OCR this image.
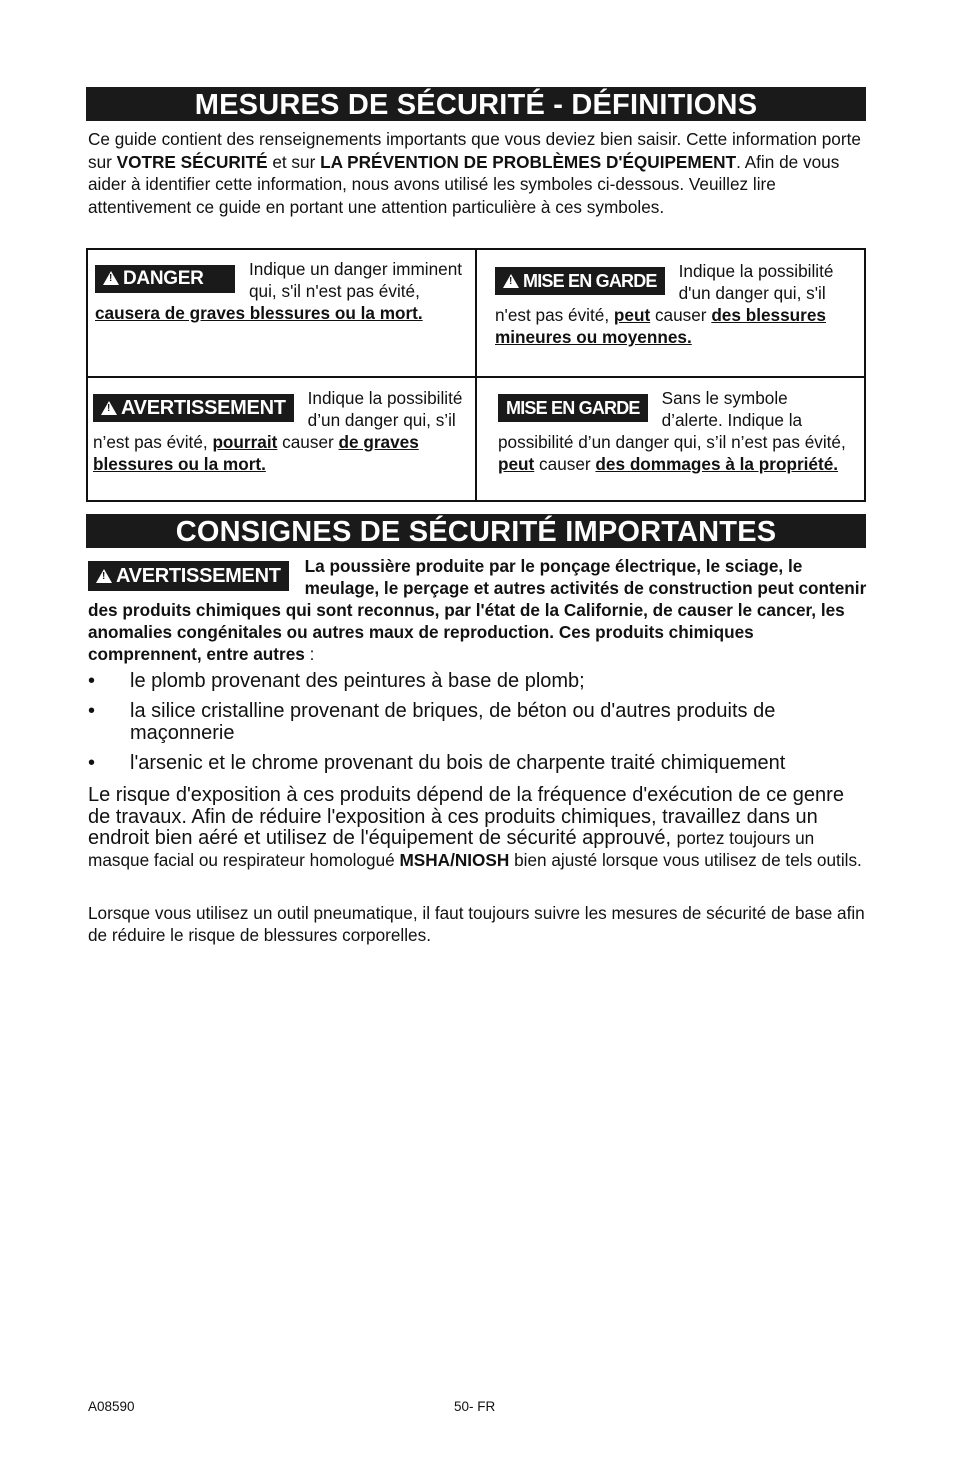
MESURES DE SÉCURITÉ - DÉFINITIONS
Ce guide contient des renseignements importants que vous deviez bien saisir. Cette information porte sur VOTRE SÉCURITÉ et sur LA PRÉVENTION DE PROBLÈMES D'ÉQUIPEMENT. Afin de vous aider à identifier cette information, nous avons utilisé les symboles ci-dessous. Veuillez lire attentivement ce guide en portant une attention particulière à ces symboles.
!DANGER	Indique un danger imminent qui, s'il n'est pas évité, causera de graves blessures ou la mort.
!MISE EN GARDE	Indique la possibilité d'un danger qui, s'il n'est pas évité, peut causer des blessures mineures ou moyennes.
!AVERTISSEMENT	Indique la possibilité d’un danger qui, s’il n’est pas évité, pourrait causer de graves blessures ou la mort.
MISE EN GARDE	Sans le symbole d’alerte. Indique la possibilité d’un danger qui, s’il n’est pas évité, peut causer des dommages à la propriété.
CONSIGNES DE SÉCURITÉ IMPORTANTES
!AVERTISSEMENT	La poussière produite par le ponçage électrique, le sciage, le meulage, le perçage et autres activités de construction peut contenir des produits chimiques qui sont reconnus, par l'état de la Californie, de causer le cancer, les anomalies congénitales ou autres maux de reproduction. Ces produits chimiques comprennent, entre autres :
• le plomb provenant des peintures à base de plomb;
• la silice cristalline provenant de briques, de béton ou d'autres produits de maçonnerie
• l'arsenic et le chrome provenant du bois de charpente traité chimiquement
Le risque d'exposition à ces produits dépend de la fréquence d'exécution de ce genre de travaux. Afin de réduire l'exposition à ces produits chimiques, travaillez dans un endroit bien aéré et utilisez de l'équipement de sécurité approuvé, portez toujours un masque facial ou respirateur homologué MSHA/NIOSH bien ajusté lorsque vous utilisez de tels outils.
Lorsque vous utilisez un outil pneumatique, il faut toujours suivre les mesures de sécurité de base afin de réduire le risque de blessures corporelles.
A08590	50- FR
